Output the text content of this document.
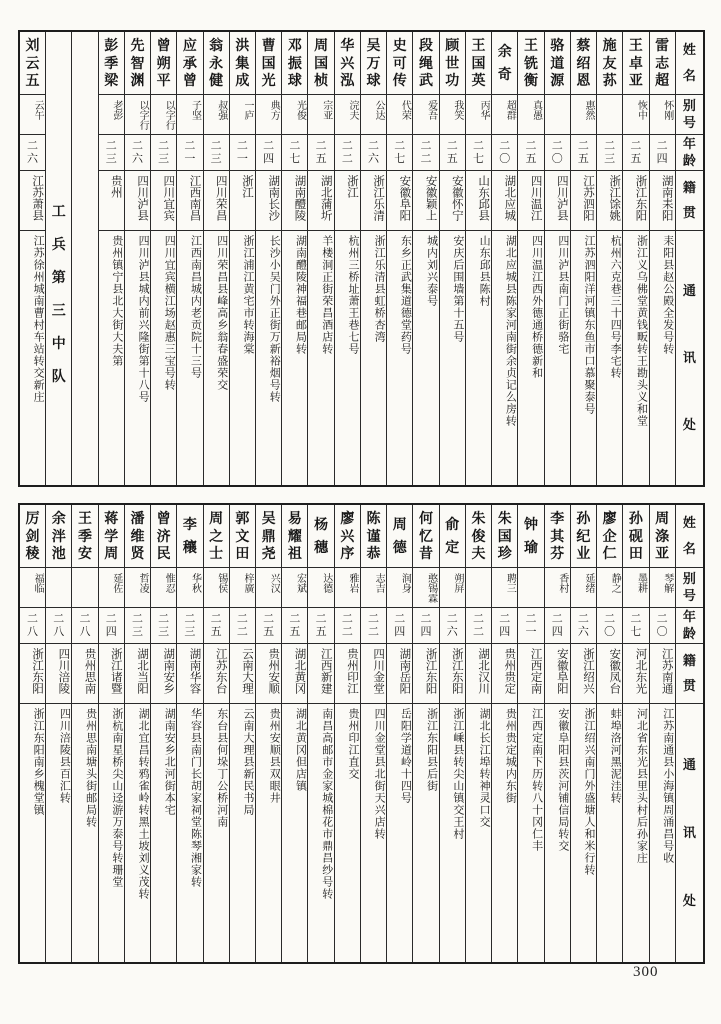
姓
名
别
号
年
龄
籍
贯
通
讯
处
雷
志
超
怀刚
二
四
湖南耒阳
耒阳县赵公殿全发号转
王
卓
亚
恢中
二
五
浙江东阳
浙江义乌佛堂黄钱畈转王勘头义和堂
施
友
荪
二
三
浙江馀姚
杭州六克巷三十四号李宅转
蔡
绍
恩
惠然
二
五
江苏泗阳
江苏泗阳洋河镇东鱼市口慕聚泰号
骆
道
源
二
〇
四川泸县
四川泸县南门正街骆宅
王
铣
衡
真愚
二
五
四川温江
四川温江西外德通桥德新和
余
奇
超群
二
〇
湖北应城
湖北应城县陈家河南街余贞记么房转
王
国
英
丙华
二
七
山东邱县
山东邱县陈村
顾
世
功
我笑
二
五
安徽怀宁
安庆后围墙第十五号
段
绳
武
爱吾
二
二
安徽颖上
城内刘兴泰号
史
可
传
代荣
二
七
安徽阜阳
东乡正武集道德堂药号
吴
万
球
公达
二
六
浙江乐清
浙江乐清县虹桥杏湾
华
兴
泓
浣夫
二
二
浙江
杭州三桥址萧王巷七号
周
国
桢
宗亚
二
五
湖北蒲圻
羊楼洞正街荣昌酒店转
邓
振
球
光俊
二
七
湖南醴陵
湖南醴陵神福巷邮局转
曹
国
光
典方
二
四
湖南长沙
长沙小吴门外正街万新裕烟号转
洪
集
成
一庐
二
一
浙江
浙江浦江黄宅市转海棠
翁
永
健
叔强
二
三
四川荣昌
四川荣昌县峰高乡翁春盛荣交
应
承
曾
子坚
二
一
江西南昌
江西南昌城内老贡院十三号
曾
朔
平
以字行
二
三
四川宜宾
四川宜宾横江场赵惠三宝号转
先
智
渊
以字行
二
六
四川泸县
四川泸县城内前兴隆街第十八号
彭
季
梁
老彭
二
三
贵州
贵州镇宁县北大街大夫第
工
兵
第
三
中
队
刘
云
五
云午
二
六
江苏萧县
江苏徐州城南曹村车站转交新庄
姓
名
别
号
年
龄
籍
贯
通
讯
处
周
涤
亚
琴解
二
〇
江苏南通
江苏南通县小海镇周涌昌号收
孙
砚
田
墨耕
二
七
河北东光
河北省东光县里头村后孙家庄
廖
企
仁
静之
二
〇
安徽凤台
蚌埠洛河黑泥洼转
孙
纪
业
延绪
二
六
浙江绍兴
浙江绍兴南门外盛塘人和米行转
李
其
芬
香村
二
四
安徽阜阳
安徽阜阳县茨河铺信局转交
钟
瑜
二
一
江西定南
江西定南下历转八十冈仁丰
朱
国
珍
聘三
二
四
贵州贵定
贵州贵定城内东街
朱
俊
夫
二
二
湖北汉川
湖北长江埠转神灵口交
俞
定
朔屏
二
六
浙江东阳
浙江嵊县转尖山镇交王村
何
忆
昔
憨锡霖
二
四
浙江东阳
浙江东阳县后街
周
德
润身
二
四
湖南岳阳
岳阳学道岭十四号
陈
谨
恭
志吉
二
二
四川金堂
四川金堂县北街天兴店转
廖
兴
序
雅岩
二
二
贵州印江
贵州印江直交
杨
穗
达德
二
五
江西新建
南昌高邮市金家城棉花市鼎昌纱号转
易
耀
祖
宏斌
二
五
湖北黄冈
湖北黄冈但店镇
吴
鼎
尧
兴汉
二
五
贵州安顺
贵州安顺县双眼井
郭
文
田
梓廣
二
二
云南大理
云南大理县新民书局
周
之
士
锡侯
二
五
江苏东台
东台县何垛丁公桥河南
李
穰
华秋
二
三
湖南华容
华容县南门长胡家祠堂陈琴湘家转
曾
济
民
惟忍
二
三
湖南安乡
湖南安乡北河街本宅
潘
维
贤
哲凌
二
三
湖北当阳
湖北宜昌转鸦雀岭转黑土坡刘义茂转
蒋
学
周
延佐
二
四
浙江诸暨
浙杭南星桥尖山迳游万泰号转珊堂
王
季
安
二
八
贵州思南
贵州思南塘头街邮局转
余
泮
池
二
八
四川涪陵
四川涪陵县百汇转
厉
剑
稜
福临
二
八
浙江东阳
浙江东阳南乡槐堂镇
300
